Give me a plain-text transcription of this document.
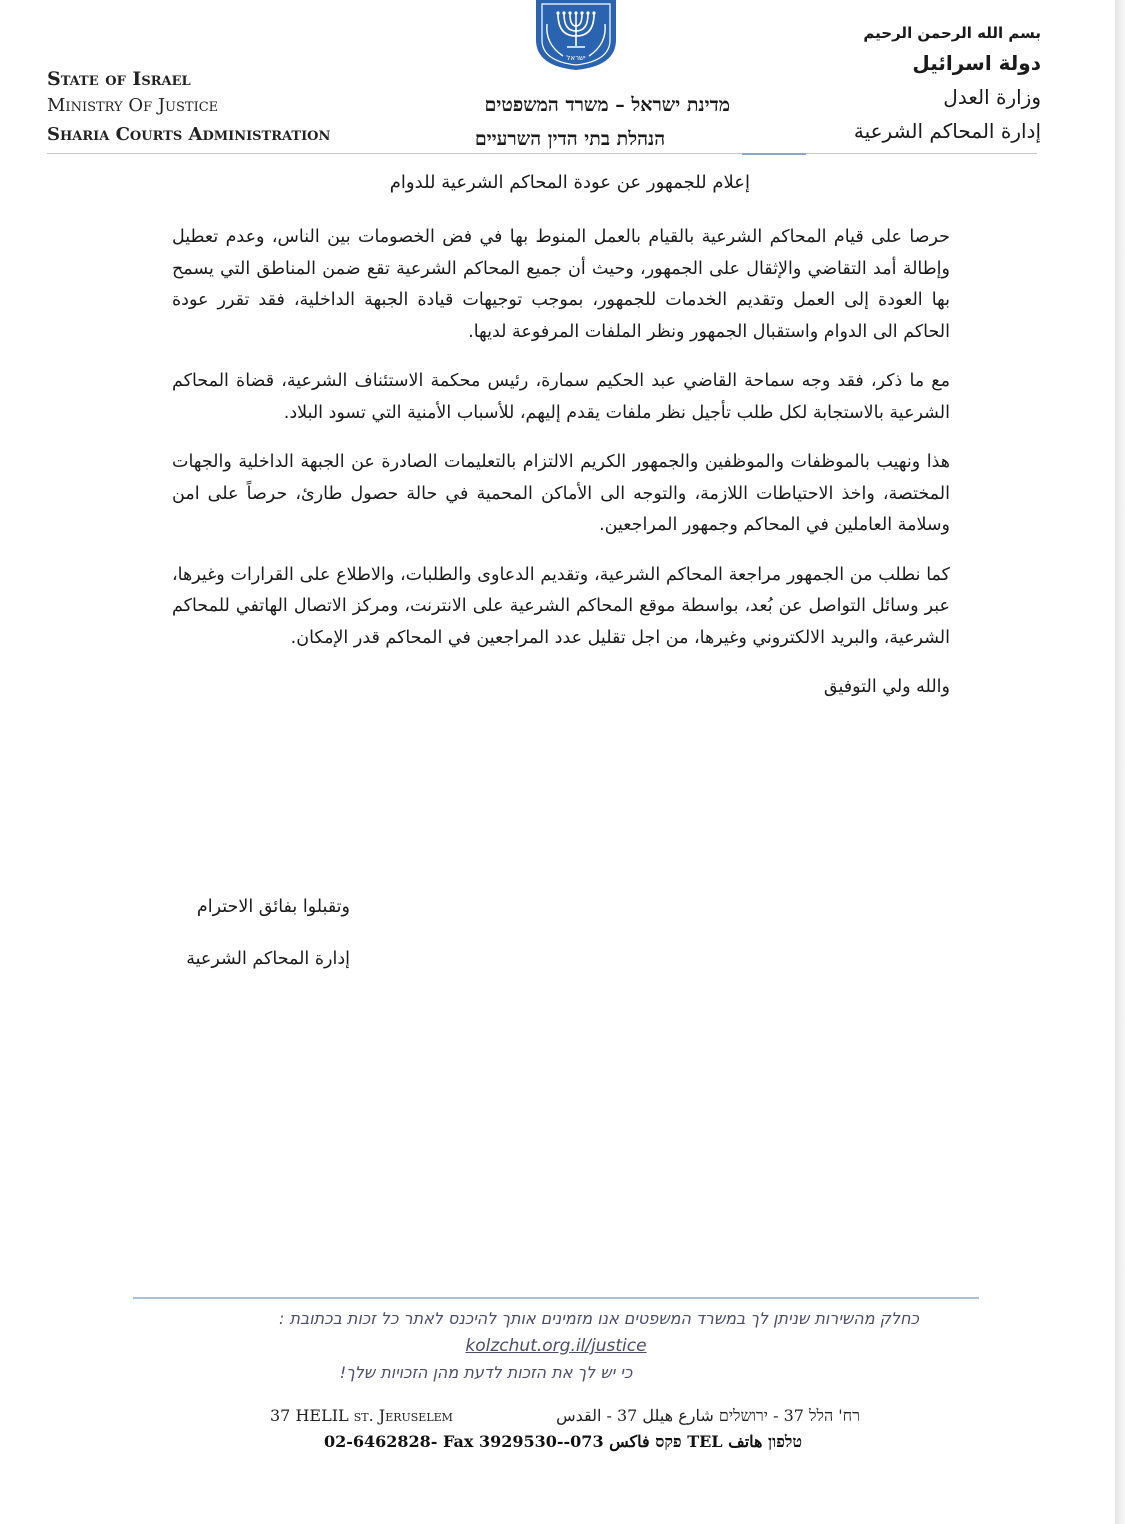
ישראל
State of Israel
Ministry Of Justice
Sharia Courts Administration
מדינת ישראל – משרד המשפטים
הנהלת בתי הדין השרעיים
بسم الله الرحمن الرحيم
دولة اسرائيل
وزارة العدل
إدارة المحاكم الشرعية
إعلام للجمهور عن عودة المحاكم الشرعية للدوام

حرصا على قيام المحاكم الشرعية بالقيام بالعمل المنوط بها في فض الخصومات بين الناس، وعدم تعطيل وإطالة أمد التقاضي والإثقال على الجمهور، وحيث أن جميع المحاكم الشرعية تقع ضمن المناطق التي يسمح بها العودة إلى العمل وتقديم الخدمات للجمهور، بموجب توجيهات قيادة الجبهة الداخلية، فقد تقرر عودة الحاكم الى الدوام واستقبال الجمهور ونظر الملفات المرفوعة لديها.

مع ما ذكر، فقد وجه سماحة القاضي عبد الحكيم سمارة، رئيس محكمة الاستئناف الشرعية، قضاة المحاكم الشرعية بالاستجابة لكل طلب تأجيل نظر ملفات يقدم إليهم، للأسباب الأمنية التي تسود البلاد.

هذا ونهيب بالموظفات والموظفين والجمهور الكريم الالتزام بالتعليمات الصادرة عن الجبهة الداخلية والجهات المختصة، واخذ الاحتياطات اللازمة، والتوجه الى الأماكن المحمية في حالة حصول طارئ، حرصاً على امن وسلامة العاملين في المحاكم وجمهور المراجعين.

كما نطلب من الجمهور مراجعة المحاكم الشرعية، وتقديم الدعاوى والطلبات، والاطلاع على القرارات وغيرها، عبر وسائل التواصل عن بُعد، بواسطة موقع المحاكم الشرعية على الانترنت، ومركز الاتصال الهاتفي للمحاكم الشرعية، والبريد الالكتروني وغيرها، من اجل تقليل عدد المراجعين في المحاكم قدر الإمكان.

والله ولي التوفيق
وتقبلوا بفائق الاحترام
إدارة المحاكم الشرعية
כחלק מהשירות שניתן לך במשרד המשפטים אנו מזמינים אותך להיכנס לאתר כל זכות בכתובת :
kolzchut.org.il/justice
כי יש לך את הזכות לדעת מהן הזכויות שלך!
37 HELIL st. Jeruselem	רח' הלל 37 - ירושלים شارع هيلل 37 - القدس
02-6462828- Fax פקס فاكس 073--3929530 TEL טלפון هاتف
